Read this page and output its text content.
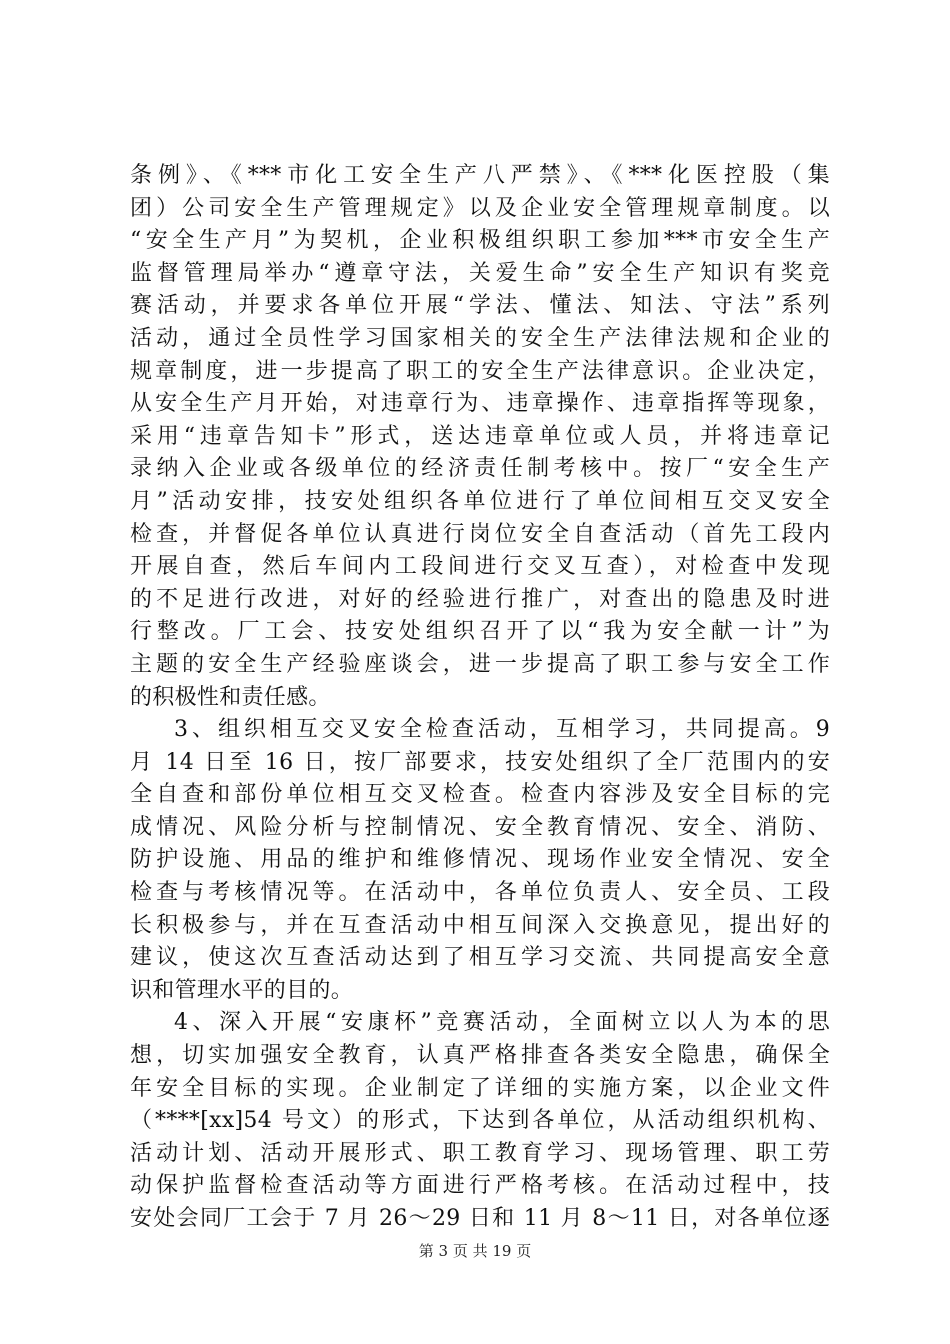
条例》、《***市化工安全生产八严禁》、《***化医控股（集
团）公司安全生产管理规定》以及企业安全管理规章制度。以
“安全生产月”为契机，企业积极组织职工参加***市安全生产
监督管理局举办“遵章守法，关爱生命”安全生产知识有奖竞
赛活动，并要求各单位开展“学法、懂法、知法、守法”系列
活动，通过全员性学习国家相关的安全生产法律法规和企业的
规章制度，进一步提高了职工的安全生产法律意识。企业决定，
从安全生产月开始，对违章行为、违章操作、违章指挥等现象，
采用“违章告知卡”形式，送达违章单位或人员，并将违章记
录纳入企业或各级单位的经济责任制考核中。按厂“安全生产
月”活动安排，技安处组织各单位进行了单位间相互交叉安全
检查，并督促各单位认真进行岗位安全自查活动（首先工段内
开展自查，然后车间内工段间进行交叉互查），对检查中发现
的不足进行改进，对好的经验进行推广，对查出的隐患及时进
行整改。厂工会、技安处组织召开了以“我为安全献一计”为
主题的安全生产经验座谈会，进一步提高了职工参与安全工作
的积极性和责任感。
3、组织相互交叉安全检查活动，互相学习，共同提高。9
月 14 日至 16 日，按厂部要求，技安处组织了全厂范围内的安
全自查和部份单位相互交叉检查。检查内容涉及安全目标的完
成情况、风险分析与控制情况、安全教育情况、安全、消防、
防护设施、用品的维护和维修情况、现场作业安全情况、安全
检查与考核情况等。在活动中，各单位负责人、安全员、工段
长积极参与，并在互查活动中相互间深入交换意见，提出好的
建议，使这次互查活动达到了相互学习交流、共同提高安全意
识和管理水平的目的。
4、深入开展“安康杯”竞赛活动，全面树立以人为本的思
想，切实加强安全教育，认真严格排查各类安全隐患，确保全
年安全目标的实现。企业制定了详细的实施方案，以企业文件
（****[xx]54 号文）的形式，下达到各单位，从活动组织机构、
活动计划、活动开展形式、职工教育学习、现场管理、职工劳
动保护监督检查活动等方面进行严格考核。在活动过程中，技
安处会同厂工会于 7 月 26～29 日和 11 月 8～11 日，对各单位逐
第 3 页 共 19 页
